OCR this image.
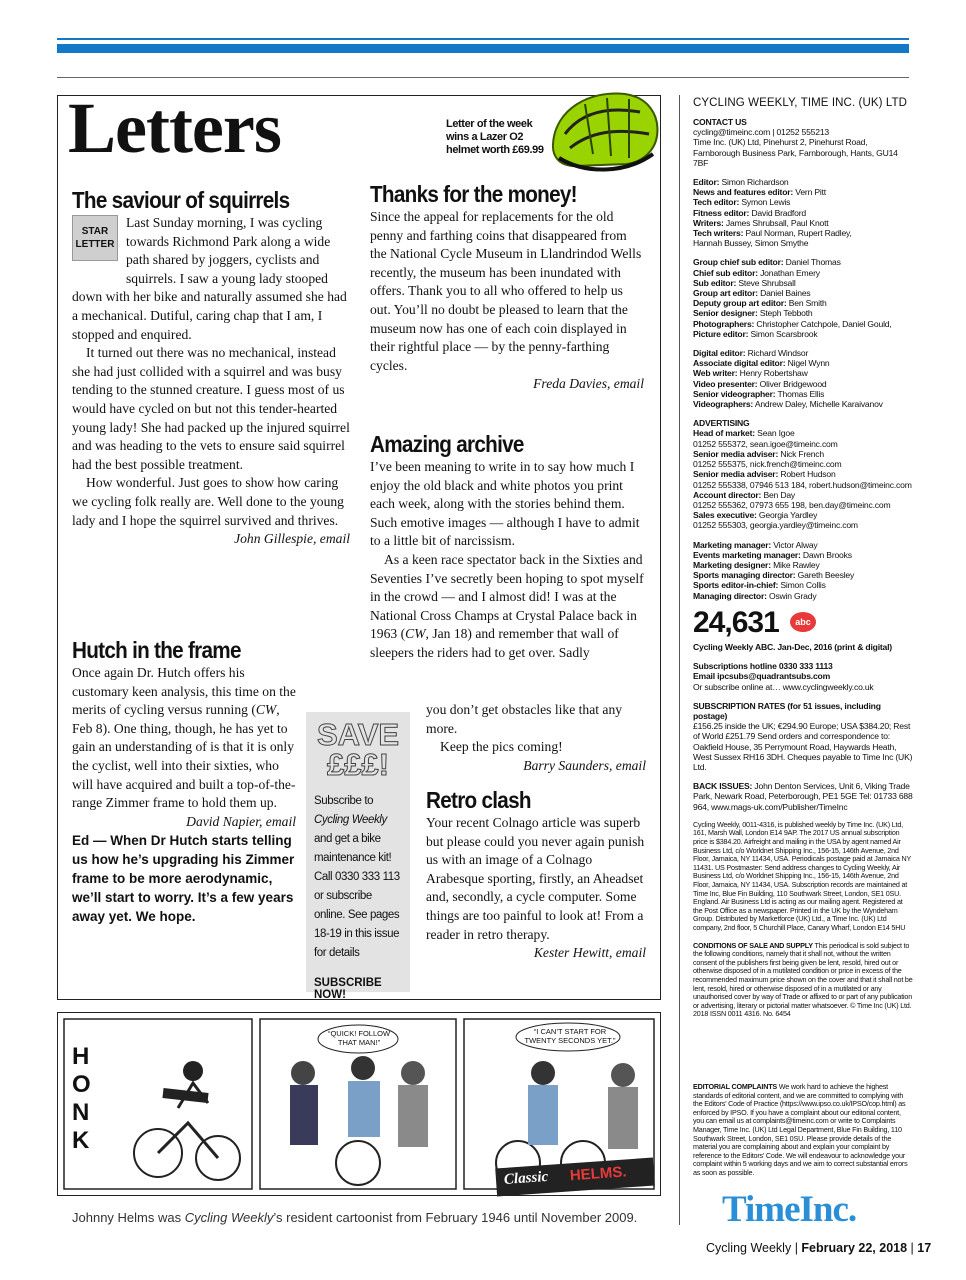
Letters	Letter of the week wins a Lazer O2 helmet worth £69.99
The saviour of squirrels
STAR
LETTER

Last Sunday morning, I was cycling towards Richmond Park along a wide path shared by joggers, cyclists and squirrels. I saw a young lady stooped down with her bike and naturally assumed she had a mechanical. Dutiful, caring chap that I am, I stopped and enquired.

It turned out there was no mechanical, instead she had just collided with a squirrel and was busy tending to the stunned creature. I guess most of us would have cycled on but not this tender-hearted young lady! She had packed up the injured squirrel and was heading to the vets to ensure said squirrel had the best possible treatment.

How wonderful. Just goes to show how caring we cycling folk really are. Well done to the young lady and I hope the squirrel survived and thrives.

John Gillespie, email

Hutch in the frame

Once again Dr. Hutch offers his customary keen analysis, this time on the merits of cycling versus running (CW, Feb 8). One thing, though, he has yet to gain an understanding of is that it is only the cyclist, well into their sixties, who will have acquired and built a top-of-the-range Zimmer frame to hold them up.

David Napier, email

Ed — When Dr Hutch starts telling us how he’s upgrading his Zimmer frame to be more aerodynamic, we’ll start to worry. It’s a few years away yet. We hope.

SAVE
£££!
Subscribe to Cycling Weekly and get a bike maintenance kit! Call 0330 333 113 or subscribe online. See pages 18-19 in this issue for details
SUBSCRIBE NOW!
Thanks for the money!

Since the appeal for replacements for the old penny and farthing coins that disappeared from the National Cycle Museum in Llandrindod Wells recently, the museum has been inundated with offers. Thank you to all who offered to help us out. You’ll no doubt be pleased to learn that the museum now has one of each coin displayed in their rightful place — by the penny-farthing cycles.

Freda Davies, email

Amazing archive

I’ve been meaning to write in to say how much I enjoy the old black and white photos you print each week, along with the stories behind them. Such emotive images — although I have to admit to a little bit of narcissism.

As a keen race spectator back in the Sixties and Seventies I’ve secretly been hoping to spot myself in the crowd — and I almost did! I was at the National Cross Champs at Crystal Palace back in 1963 (CW, Jan 18) and remember that wall of sleepers the riders had to get over. Sadly

you don’t get obstacles like that any more.

Keep the pics coming!

Barry Saunders, email

Retro clash

Your recent Colnago article was superb but please could you never again punish us with an image of a Colnago Arabesque sporting, firstly, an Aheadset and, secondly, a cycle computer. Some things are too painful to look at! From a reader in retro therapy.

Kester Hewitt, email

HONK
“QUICK! FOLLOW THAT MAN!”
“I CAN’T START FOR TWENTY SECONDS YET.”
Classic HELMS.
Johnny Helms was Cycling Weekly’s resident cartoonist from February 1946 until November 2009.
CYCLING WEEKLY, TIME INC. (UK) LTD
CONTACT US
cycling@timeinc.com | 01252 555213
Time Inc. (UK) Ltd, Pinehurst 2, Pinehurst Road,
Farnborough Business Park, Farnborough, Hants, GU14 7BF
Editor: Simon Richardson
News and features editor: Vern Pitt
Tech editor: Symon Lewis
Fitness editor: David Bradford
Writers: James Shrubsall, Paul Knott
Tech writers: Paul Norman, Rupert Radley,
Hannah Bussey, Simon Smythe
Group chief sub editor: Daniel Thomas
Chief sub editor: Jonathan Emery
Sub editor: Steve Shrubsall
Group art editor: Daniel Baines
Deputy group art editor: Ben Smith
Senior designer: Steph Tebboth
Photographers: Christopher Catchpole, Daniel Gould,
Picture editor: Simon Scarsbrook
Digital editor: Richard Windsor
Associate digital editor: Nigel Wynn
Web writer: Henry Robertshaw
Video presenter: Oliver Bridgewood
Senior videographer: Thomas Ellis
Videographers: Andrew Daley, Michelle Karaivanov
ADVERTISING
Head of market: Sean Igoe
01252 555372, sean.igoe@timeinc.com
Senior media adviser: Nick French
01252 555375, nick.french@timeinc.com
Senior media adviser: Robert Hudson
01252 555338, 07946 513 184, robert.hudson@timeinc.com
Account director: Ben Day
01252 555362, 07973 655 198, ben.day@timeinc.com
Sales executive: Georgia Yardley
01252 555303, georgia.yardley@timeinc.com
Marketing manager: Victor Alway
Events marketing manager: Dawn Brooks
Marketing designer: Mike Rawley
Sports managing director: Gareth Beesley
Sports editor-in-chief: Simon Collis
Managing director: Oswin Grady
24,631	abc
Cycling Weekly ABC. Jan-Dec, 2016 (print & digital)
Subscriptions hotline 0330 333 1113
Email ipcsubs@quadrantsubs.com
Or subscribe online at… www.cyclingweekly.co.uk
SUBSCRIPTION RATES (for 51 issues, including postage)
£156.25 inside the UK; €294.90 Europe; USA $384.20; Rest of World £251.79 Send orders and correspondence to: Oakfield House, 35 Perrymount Road, Haywards Heath, West Sussex RH16 3DH. Cheques payable to Time Inc (UK) Ltd.
BACK ISSUES: John Denton Services, Unit 6, Viking Trade Park, Newark Road, Peterborough, PE1 5GE Tel: 01733 688 964, www.mags-uk.com/Publisher/TimeInc
Cycling Weekly, 0011-4316, is published weekly by Time Inc. (UK) Ltd, 161, Marsh Wall, London E14 9AP. The 2017 US annual subscription price is $384.20. Airfreight and mailing in the USA by agent named Air Business Ltd, c/o Worldnet Shipping Inc., 156-15, 146th Avenue, 2nd Floor, Jamaica, NY 11434, USA. Periodicals postage paid at Jamaica NY 11431. US Postmaster: Send address changes to Cycling Weekly, Air Business Ltd, c/o Worldnet Shipping Inc., 156-15, 146th Avenue, 2nd Floor, Jamaica, NY 11434, USA. Subscription records are maintained at Time Inc, Blue Fin Building, 110 Southwark Street, London, SE1 0SU. England. Air Business Ltd is acting as our mailing agent. Registered at the Post Office as a newspaper. Printed in the UK by the Wyndeham Group. Distributed by Marketforce (UK) Ltd., a Time Inc. (UK) Ltd company, 2nd floor, 5 Churchill Place, Canary Wharf, London E14 5HU
CONDITIONS OF SALE AND SUPPLY This periodical is sold subject to the following conditions, namely that it shall not, without the written consent of the publishers first being given be lent, resold, hired out or otherwise disposed of in a mutilated condition or price in excess of the recommended maximum price shown on the cover and that it shall not be lent, resold, hired or otherwise disposed of in a mutilated or any unauthorised cover by way of Trade or affixed to or part of any publication or advertising, literary or pictorial matter whatsoever. © Time Inc (UK) Ltd. 2018 ISSN 0011 4316. No. 6454
EDITORIAL COMPLAINTS We work hard to achieve the highest standards of editorial content, and we are committed to complying with the Editors’ Code of Practice (https://www.ipso.co.uk/IPSO/cop.html) as enforced by IPSO. If you have a complaint about our editorial content, you can email us at complaints@timeinc.com or write to Complaints Manager, Time Inc. (UK) Ltd Legal Department, Blue Fin Building, 110 Southwark Street, London, SE1 0SU. Please provide details of the material you are complaining about and explain your complaint by reference to the Editors’ Code. We will endeavour to acknowledge your complaint within 5 working days and we aim to correct substantial errors as soon as possible.
TimeInc.
Cycling Weekly | February 22, 2018 | 17
